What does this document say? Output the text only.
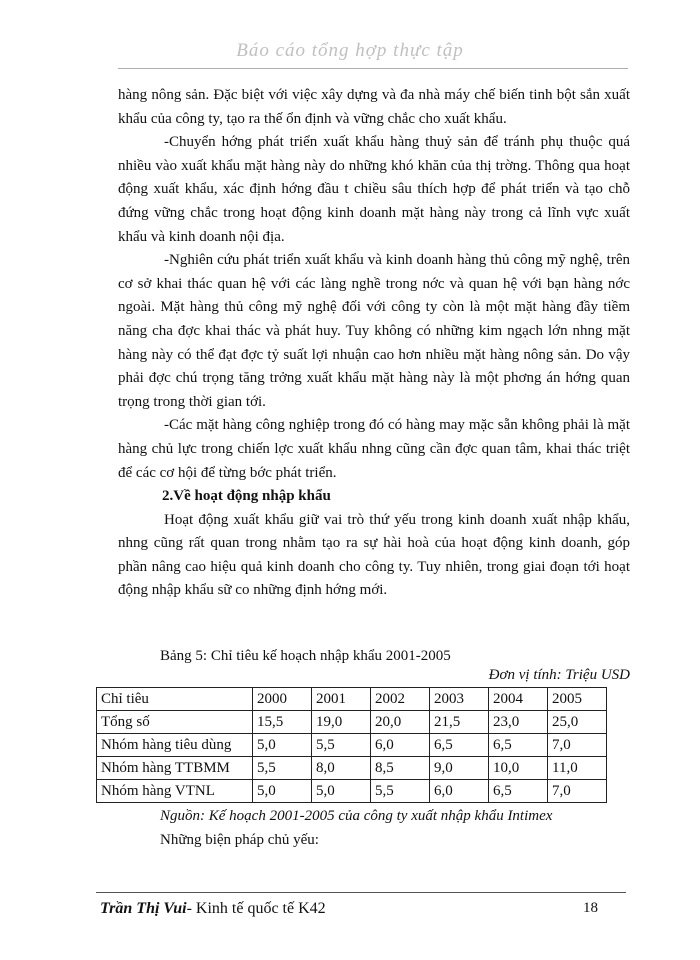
Báo cáo tổng hợp thực tập

hàng nông sản. Đặc biệt với việc xây dựng và đa nhà máy chế biến tinh bột sắn xuất khẩu của công ty, tạo ra thế ổn định và vững chắc cho xuất khẩu.

-Chuyển hớng phát triển xuất khẩu hàng thuỷ sản để tránh phụ thuộc quá nhiều vào xuất khẩu mặt hàng này do những khó khăn của thị trờng. Thông qua hoạt động xuất khẩu, xác định hớng đầu t chiều sâu thích hợp để phát triển và tạo chỗ đứng vững chắc trong hoạt động kinh doanh mặt hàng này trong cả lĩnh vực xuất khẩu và kinh doanh nội địa.

-Nghiên cứu phát triển xuất khẩu và kinh doanh hàng thủ công mỹ nghệ, trên cơ sở khai thác quan hệ với các làng nghề trong nớc và quan hệ với bạn hàng nớc ngoài. Mặt hàng thủ công mỹ nghệ đối với công ty còn là một mặt hàng đầy tiềm năng cha đợc khai thác và phát huy. Tuy không có những kim ngạch lớn nhng mặt hàng này có thể đạt đợc tỷ suất lợi nhuận cao hơn nhiều mặt hàng nông sản. Do vậy phải đợc chú trọng tăng trởng xuất khẩu mặt hàng này là một phơng án hớng quan trọng trong thời gian tới.

-Các mặt hàng công nghiệp trong đó có hàng may mặc sẵn không phải là mặt hàng chủ lực trong chiến lợc xuất khẩu nhng cũng cần đợc quan tâm, khai thác triệt để các cơ hội để từng bớc phát triển.

2.Về hoạt động nhập khẩu

Hoạt động xuất khẩu giữ vai trò thứ yếu trong kinh doanh xuất nhập khẩu, nhng cũng rất quan trong nhằm tạo ra sự hài hoà của hoạt động kinh doanh, góp phần nâng cao hiệu quả kinh doanh cho công ty. Tuy nhiên, trong giai đoạn tới hoạt động nhập khẩu sữ co những định hớng mới.

Bảng 5: Chỉ tiêu kế hoạch nhập khẩu 2001-2005
Đơn vị tính: Triệu USD
Chỉ tiêu	2000	2001	2002	2003	2004	2005
Tổng số	15,5	19,0	20,0	21,5	23,0	25,0
Nhóm hàng tiêu dùng	5,0	5,5	6,0	6,5	6,5	7,0
Nhóm hàng TTBMM	5,5	8,0	8,5	9,0	10,0	11,0
Nhóm hàng VTNL	5,0	5,0	5,5	6,0	6,5	7,0
Nguồn: Kế hoạch 2001-2005 của công ty xuất nhập khẩu Intimex
Những biện pháp chủ yếu:
Trần Thị Vui- Kinh tế quốc tế K42	18
